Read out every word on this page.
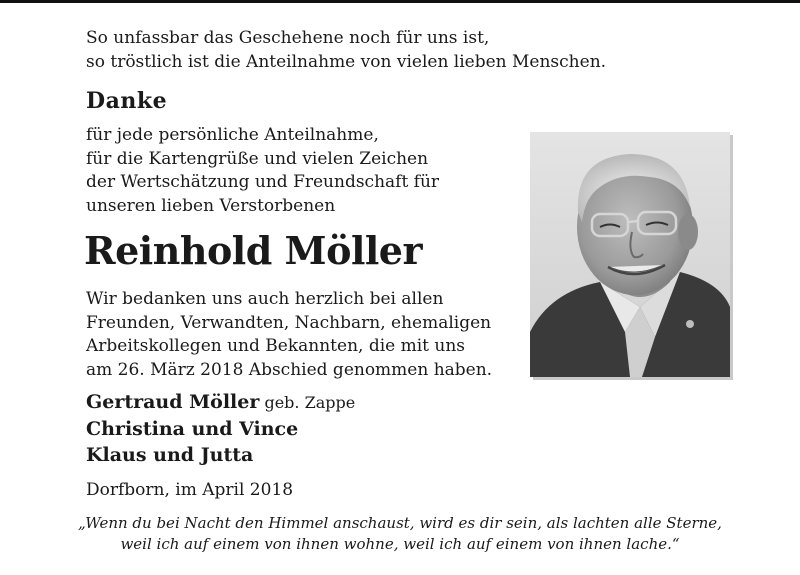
So unfassbar das Geschehene noch für uns ist,
so tröstlich ist die Anteilnahme von vielen lieben Menschen.
Danke
für jede persönliche Anteilnahme,
für die Kartengrüße und vielen Zeichen
der Wertschätzung und Freundschaft für
unseren lieben Verstorbenen
Reinhold Möller
Wir bedanken uns auch herzlich bei allen
Freunden, Verwandten, Nachbarn, ehemaligen
Arbeitskollegen und Bekannten, die mit uns
am 26. März 2018 Abschied genommen haben.
Gertraud Möller geb. Zappe
Christina und Vince
Klaus und Jutta
Dorfborn, im April 2018
„Wenn du bei Nacht den Himmel anschaust, wird es dir sein, als lachten alle Sterne,
weil ich auf einem von ihnen wohne, weil ich auf einem von ihnen lache.“
